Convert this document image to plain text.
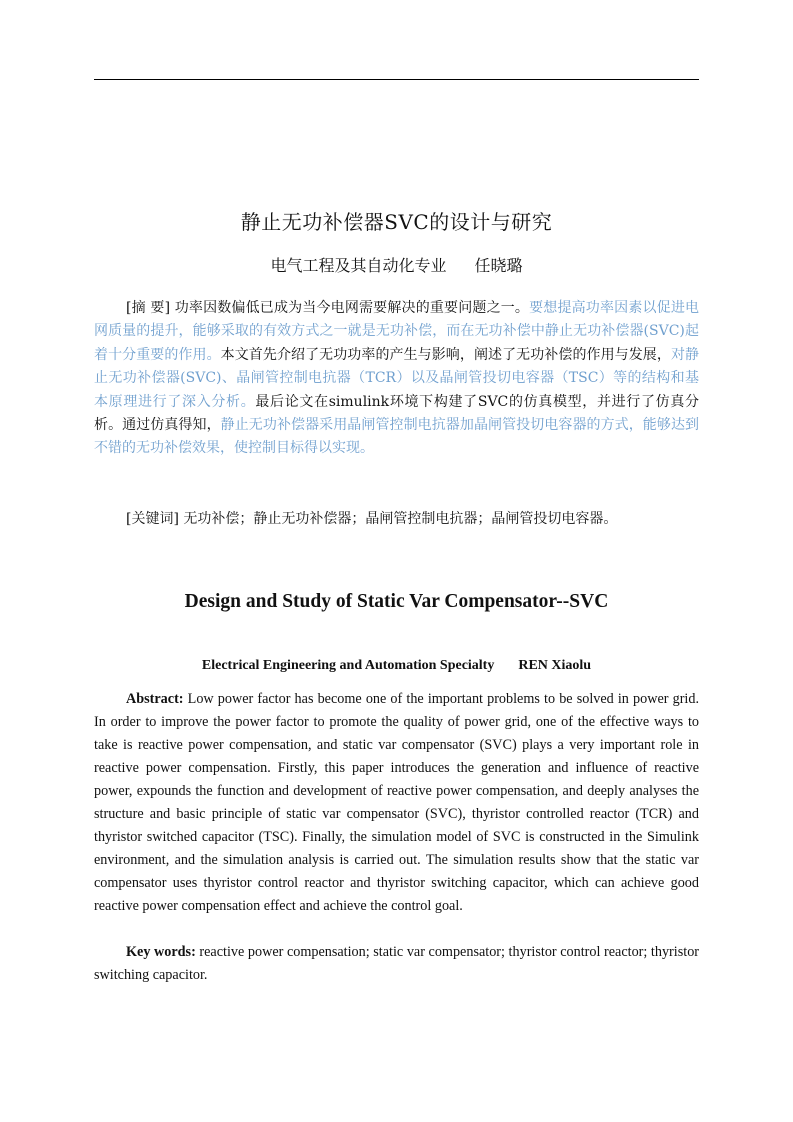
静止无功补偿器SVC的设计与研究
电气工程及其自动化专业 任晓璐

[摘 要] 功率因数偏低已成为当今电网需要解决的重要问题之一。要想提高功率因素以促进电网质量的提升，能够采取的有效方式之一就是无功补偿，而在无功补偿中静止无功补偿器(SVC)起着十分重要的作用。本文首先介绍了无功功率的产生与影响，阐述了无功补偿的作用与发展，对静止无功补偿器(SVC)、晶闸管控制电抗器（TCR）以及晶闸管投切电容器（TSC）等的结构和基本原理进行了深入分析。最后论文在simulink环境下构建了SVC的仿真模型，并进行了仿真分析。通过仿真得知，静止无功补偿器采用晶闸管控制电抗器加晶闸管投切电容器的方式，能够达到不错的无功补偿效果，使控制目标得以实现。

[关键词] 无功补偿；静止无功补偿器；晶闸管控制电抗器；晶闸管投切电容器。

Design and Study of Static Var Compensator--SVC
Electrical Engineering and Automation Specialty REN Xiaolu

Abstract: Low power factor has become one of the important problems to be solved in power grid. In order to improve the power factor to promote the quality of power grid, one of the effective ways to take is reactive power compensation, and static var compensator (SVC) plays a very important role in reactive power compensation. Firstly, this paper introduces the generation and influence of reactive power, expounds the function and development of reactive power compensation, and deeply analyses the structure and basic principle of static var compensator (SVC), thyristor controlled reactor (TCR) and thyristor switched capacitor (TSC). Finally, the simulation model of SVC is constructed in the Simulink environment, and the simulation analysis is carried out. The simulation results show that the static var compensator uses thyristor control reactor and thyristor switching capacitor, which can achieve good reactive power compensation effect and achieve the control goal.

Key words: reactive power compensation; static var compensator; thyristor control reactor; thyristor switching capacitor.
